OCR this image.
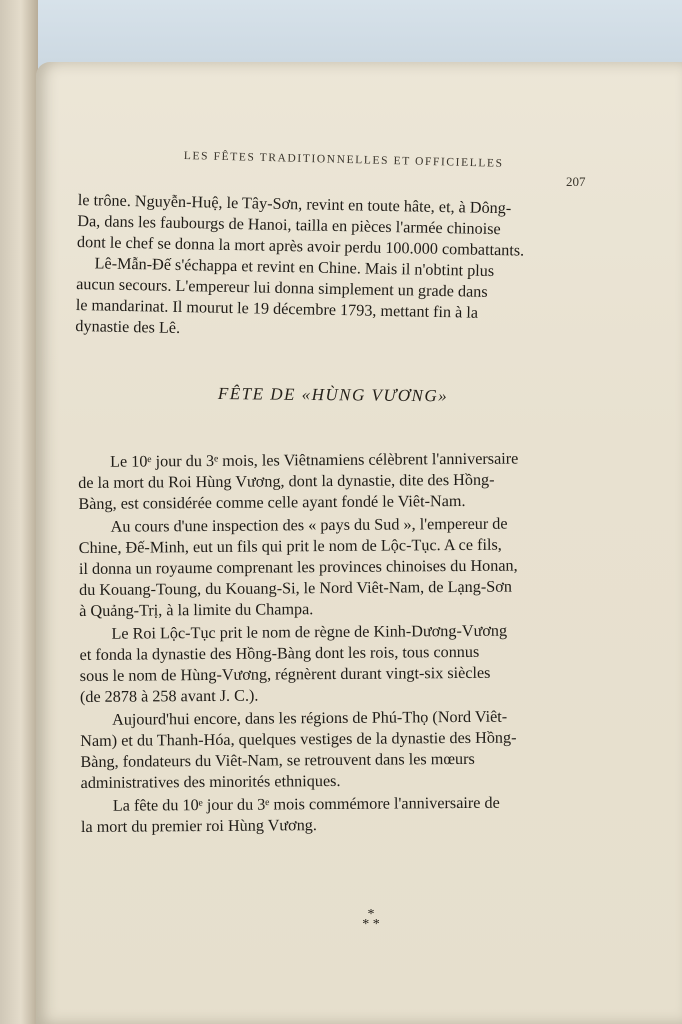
LES FÊTES TRADITIONNELLES ET OFFICIELLES
207
le trône. Nguyễn-Huệ, le Tây-Sơn, revint en toute hâte, et, à Dông-
Da, dans les faubourgs de Hanoi, tailla en pièces l'armée chinoise
dont le chef se donna la mort après avoir perdu 100.000 combattants.
Lê-Mẫn-Đế s'échappa et revint en Chine. Mais il n'obtint plus
aucun secours. L'empereur lui donna simplement un grade dans
le mandarinat. Il mourut le 19 décembre 1793, mettant fin à la
dynastie des Lê.
FÊTE DE «HÙNG VƯƠNG»
Le 10ᵉ jour du 3ᵉ mois, les Viêtnamiens célèbrent l'anniversaire
de la mort du Roi Hùng Vương, dont la dynastie, dite des Hồng-
Bàng, est considérée comme celle ayant fondé le Viêt-Nam.
Au cours d'une inspection des « pays du Sud », l'empereur de
Chine, Đế-Minh, eut un fils qui prit le nom de Lộc-Tục. A ce fils,
il donna un royaume comprenant les provinces chinoises du Honan,
du Kouang-Toung, du Kouang-Si, le Nord Viêt-Nam, de Lạng-Sơn
à Quảng-Trị, à la limite du Champa.
Le Roi Lộc-Tục prit le nom de règne de Kinh-Dương-Vương
et fonda la dynastie des Hồng-Bàng dont les rois, tous connus
sous le nom de Hùng-Vương, régnèrent durant vingt-six siècles
(de 2878 à 258 avant J. C.).
Aujourd'hui encore, dans les régions de Phú-Thọ (Nord Viêt-
Nam) et du Thanh-Hóa, quelques vestiges de la dynastie des Hồng-
Bàng, fondateurs du Viêt-Nam, se retrouvent dans les mœurs
administratives des minorités ethniques.
La fête du 10ᵉ jour du 3ᵉ mois commémore l'anniversaire de
la mort du premier roi Hùng Vương.
*
* *
